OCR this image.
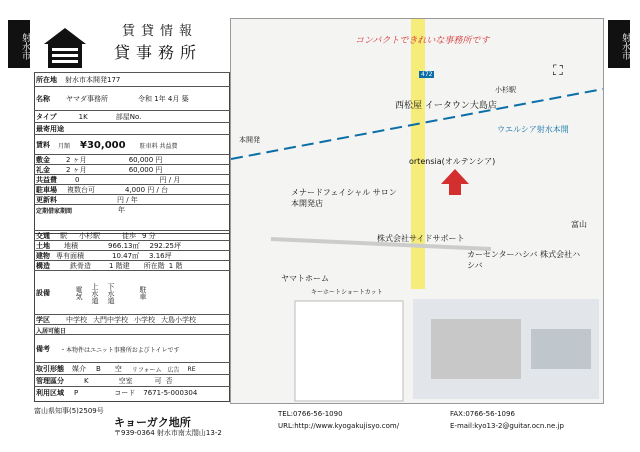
射水市	射水市
賃貸情報
貸事務所
所在地 射水市本開発177
名称 ヤマダ事務所	令和 1年 4月 築
タイプ	1K	部屋No.
最寄用途
賃料 月額 ¥30,000 駐車料 共益費
敷金 2 ヶ月	60,000 円
礼金 2 ヶ月	60,000 円
共益費	0	円 / 月
駐車場 複数台可	4,000 円 / 台
更新料	円 / 年
定期借家期間	年
交通 駅 小杉駅	徒歩 9 分
土地 地積	966.13㎡ 292.25坪
建物 専有面積	10.47㎡ 3.16坪
構造	鉄骨造	1 階建 所在階 1 階
設備	電気 上水道 下水道	駐車
学区 中学校 大門中学校 小学校 大島小学校
入居可能日
備考 ・本物件はユニット事務所およびトイレです
取引形態 媒介 B 空 リフォーム 広告 RE
管理區分	K	空室	可 否
利用区域 P	コード 7671-5-000304
コンパクトできれいな事務所です
西松屋 イータウン大島店
ウエルシア射水本開
ortensia(オルテンシア)
メナードフェイシャル サロン本開発店
株式会社サイドサポート
カーセンターハシバ 株式会社ハシバ
ヤマトホーム
キーホートショートカット
本開発
小杉駅
富山
472	⛶
富山県知事(5)2509号
キョーガク地所
〒939-0364 射水市南太閤山13-2
TEL:0766-56-1090
URL:http://www.kyogakujisyo.com/
FAX:0766-56-1096
E-mail:kyo13-2@guitar.ocn.ne.jp
